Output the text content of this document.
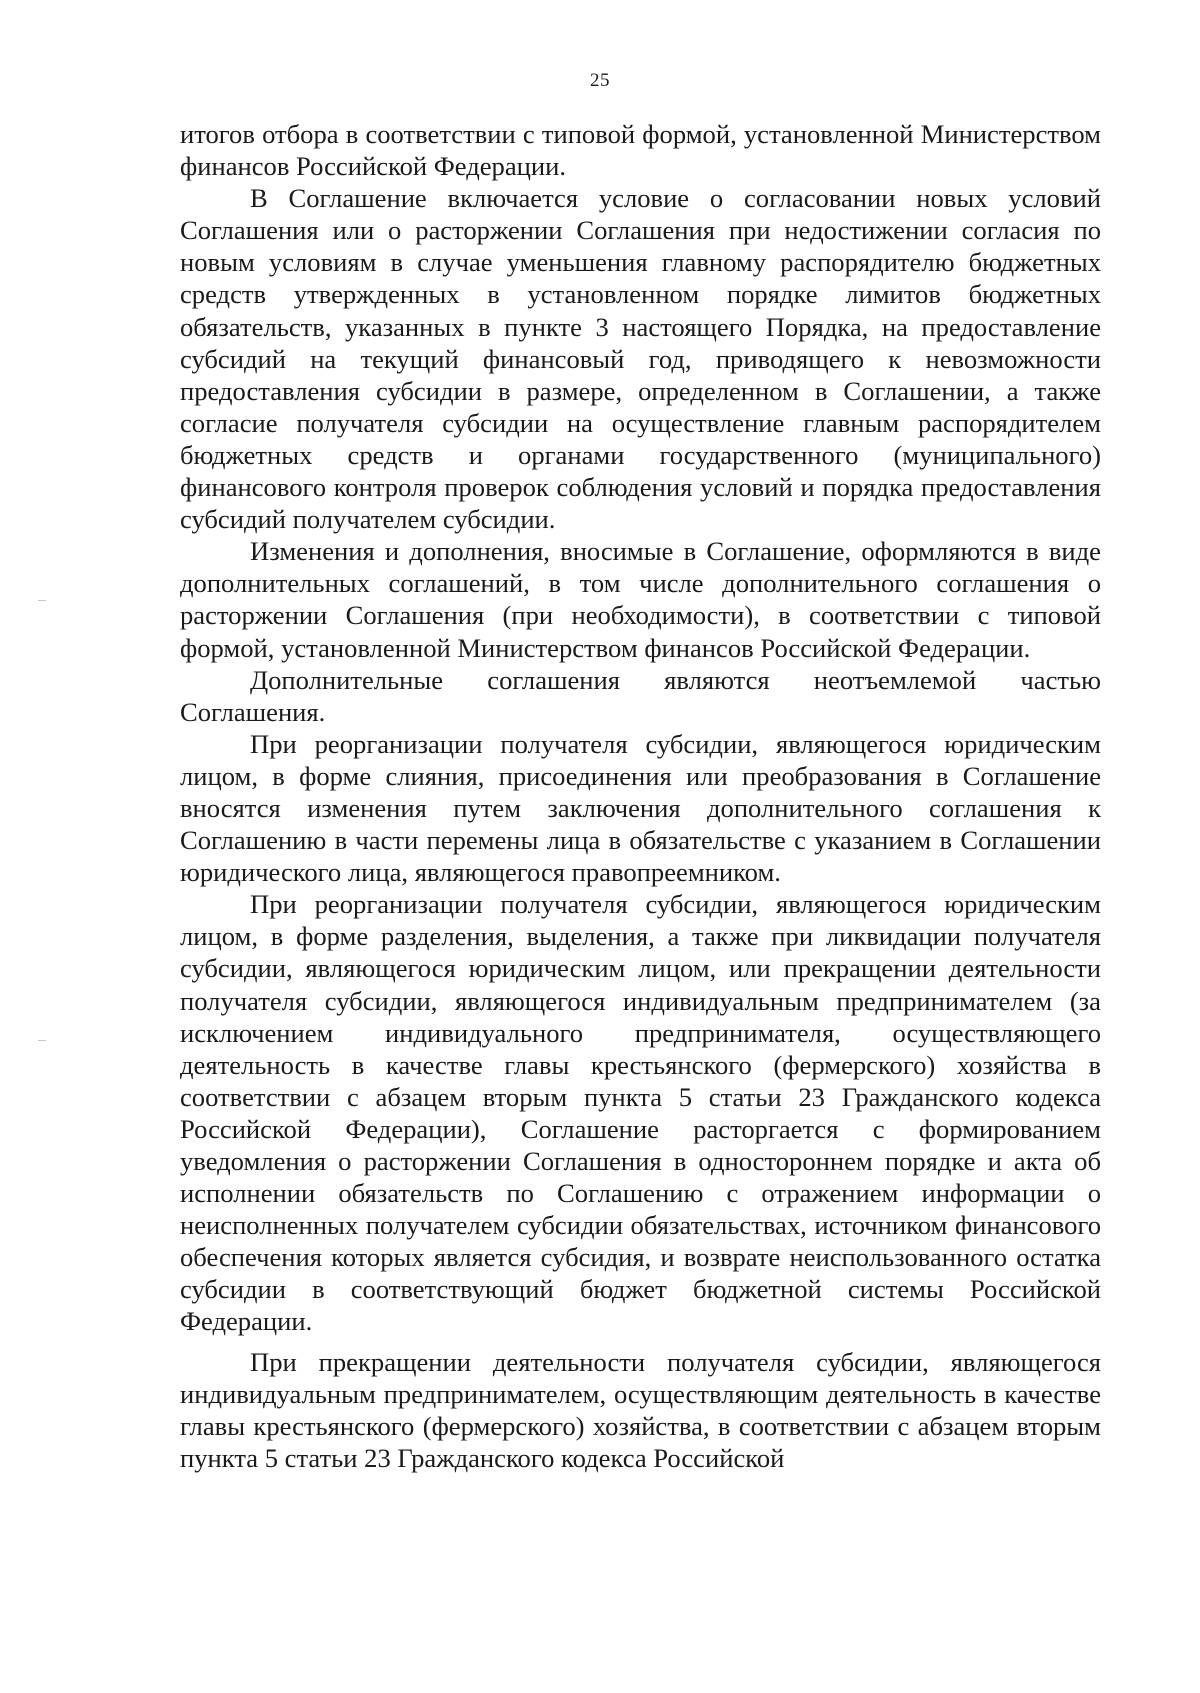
25

итогов отбора в соответствии с типовой формой, установленной Министерством финансов Российской Федерации.

В Соглашение включается условие о согласовании новых условий Соглашения или о расторжении Соглашения при недостижении согласия по новым условиям в случае уменьшения главному распорядителю бюджетных средств утвержденных в установленном порядке лимитов бюджетных обязательств, указанных в пункте 3 настоящего Порядка, на предоставление субсидий на текущий финансовый год, приводящего к невозможности предоставления субсидии в размере, определенном в Соглашении, а также согласие получателя субсидии на осуществление главным распорядителем бюджетных средств и органами государственного (муниципального) финансового контроля проверок соблюдения условий и порядка предоставления субсидий получателем субсидии.

Изменения и дополнения, вносимые в Соглашение, оформляются в виде дополнительных соглашений, в том числе дополнительного соглашения о расторжении Соглашения (при необходимости), в соответствии с типовой формой, установленной Министерством финансов Российской Федерации.

Дополнительные соглашения являются неотъемлемой частью Соглашения.

При реорганизации получателя субсидии, являющегося юридическим лицом, в форме слияния, присоединения или преобразования в Соглашение вносятся изменения путем заключения дополнительного соглашения к Соглашению в части перемены лица в обязательстве с указанием в Соглашении юридического лица, являющегося правопреемником.

При реорганизации получателя субсидии, являющегося юридическим лицом, в форме разделения, выделения, а также при ликвидации получателя субсидии, являющегося юридическим лицом, или прекращении деятельности получателя субсидии, являющегося индивидуальным предпринимателем (за исключением индивидуального предпринимателя, осуществляющего деятельность в качестве главы крестьянского (фермерского) хозяйства в соответствии с абзацем вторым пункта 5 статьи 23 Гражданского кодекса Российской Федерации), Соглашение расторгается с формированием уведомления о расторжении Соглашения в одностороннем порядке и акта об исполнении обязательств по Соглашению с отражением информации о неисполненных получателем субсидии обязательствах, источником финансового обеспечения которых является субсидия, и возврате неиспользованного остатка субсидии в соответствующий бюджет бюджетной системы Российской Федерации.

При прекращении деятельности получателя субсидии, являющегося индивидуальным предпринимателем, осуществляющим деятельность в качестве главы крестьянского (фермерского) хозяйства, в соответствии с абзацем вторым пункта 5 статьи 23 Гражданского кодекса Российской
